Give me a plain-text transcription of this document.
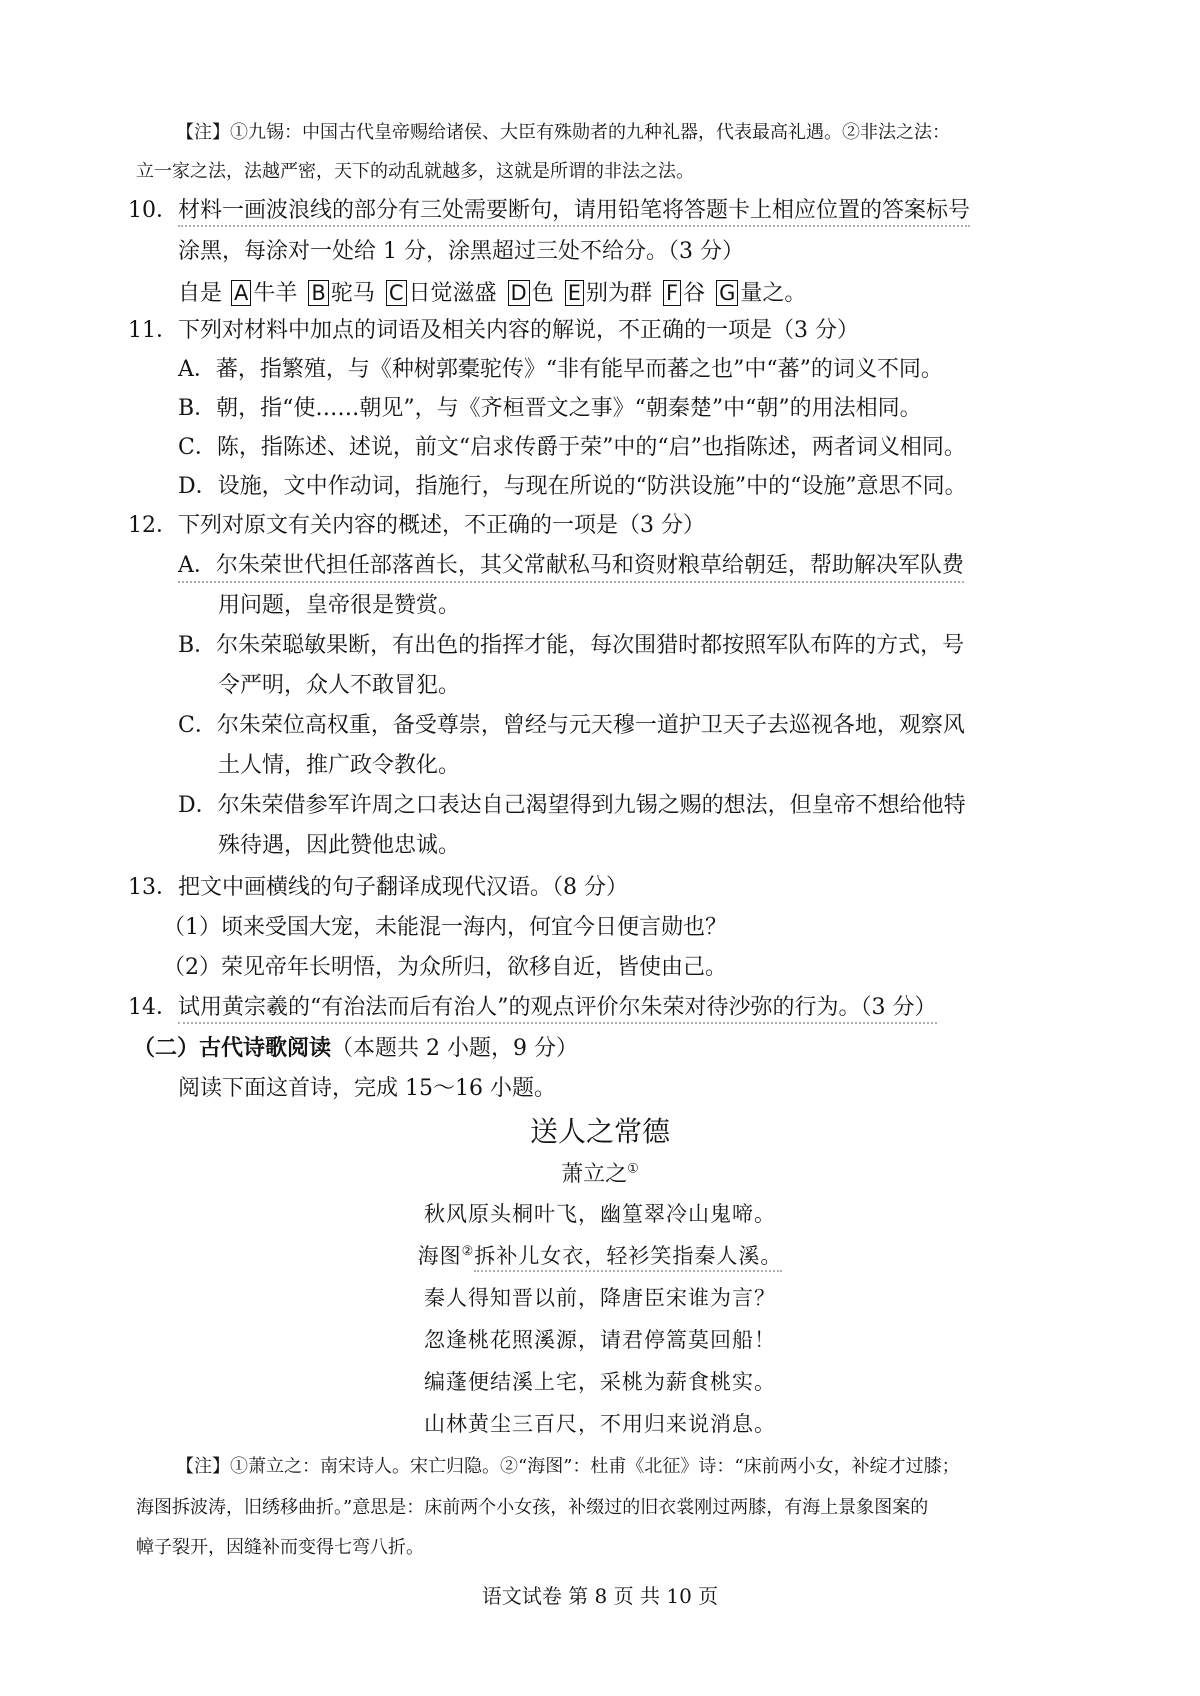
【注】①九锡：中国古代皇帝赐给诸侯、大臣有殊勋者的九种礼器，代表最高礼遇。②非法之法：
立一家之法，法越严密，天下的动乱就越多，这就是所谓的非法之法。
10．材料一画波浪线的部分有三处需要断句，请用铅笔将答题卡上相应位置的答案标号
涂黑，每涂对一处给 1 分，涂黑超过三处不给分。（3 分）
自是 A 牛羊 B 驼马 C 日觉滋盛 D 色 E 别为群 F 谷 G 量之。
11．下列对材料中加点的词语及相关内容的解说，不正确的一项是（3 分）
A．蕃，指繁殖，与《种树郭橐驼传》“非有能早而蕃之也”中“蕃”的词义不同。
B．朝，指“使……朝见”，与《齐桓晋文之事》“朝秦楚”中“朝”的用法相同。
C．陈，指陈述、述说，前文“启求传爵于荣”中的“启”也指陈述，两者词义相同。
D．设施，文中作动词，指施行，与现在所说的“防洪设施”中的“设施”意思不同。
12．下列对原文有关内容的概述，不正确的一项是（3 分）
A．尔朱荣世代担任部落酋长，其父常献私马和资财粮草给朝廷，帮助解决军队费
用问题，皇帝很是赞赏。
B．尔朱荣聪敏果断，有出色的指挥才能，每次围猎时都按照军队布阵的方式，号
令严明，众人不敢冒犯。
C．尔朱荣位高权重，备受尊崇，曾经与元天穆一道护卫天子去巡视各地，观察风
土人情，推广政令教化。
D．尔朱荣借参军许周之口表达自己渴望得到九锡之赐的想法，但皇帝不想给他特
殊待遇，因此赞他忠诚。
13．把文中画横线的句子翻译成现代汉语。（8 分）
（1）顷来受国大宠，未能混一海内，何宜今日便言勋也？
（2）荣见帝年长明悟，为众所归，欲移自近，皆使由己。
14．试用黄宗羲的“有治法而后有治人”的观点评价尔朱荣对待沙弥的行为。（3 分）
（二）古代诗歌阅读（本题共 2 小题，9 分）
阅读下面这首诗，完成 15～16 小题。
送人之常德
萧立之①
秋风原头桐叶飞，幽篁翠冷山鬼啼。
海图②拆补儿女衣，轻衫笑指秦人溪。
秦人得知晋以前，降唐臣宋谁为言？
忽逢桃花照溪源，请君停篙莫回船！
编蓬便结溪上宅，采桃为薪食桃实。
山林黄尘三百尺，不用归来说消息。
【注】①萧立之：南宋诗人。宋亡归隐。②“海图”：杜甫《北征》诗：“床前两小女，补绽才过膝；
海图拆波涛，旧绣移曲折。”意思是：床前两个小女孩，补缀过的旧衣裳刚过两膝，有海上景象图案的
幛子裂开，因缝补而变得七弯八折。
语文试卷 第 8 页 共 10 页
